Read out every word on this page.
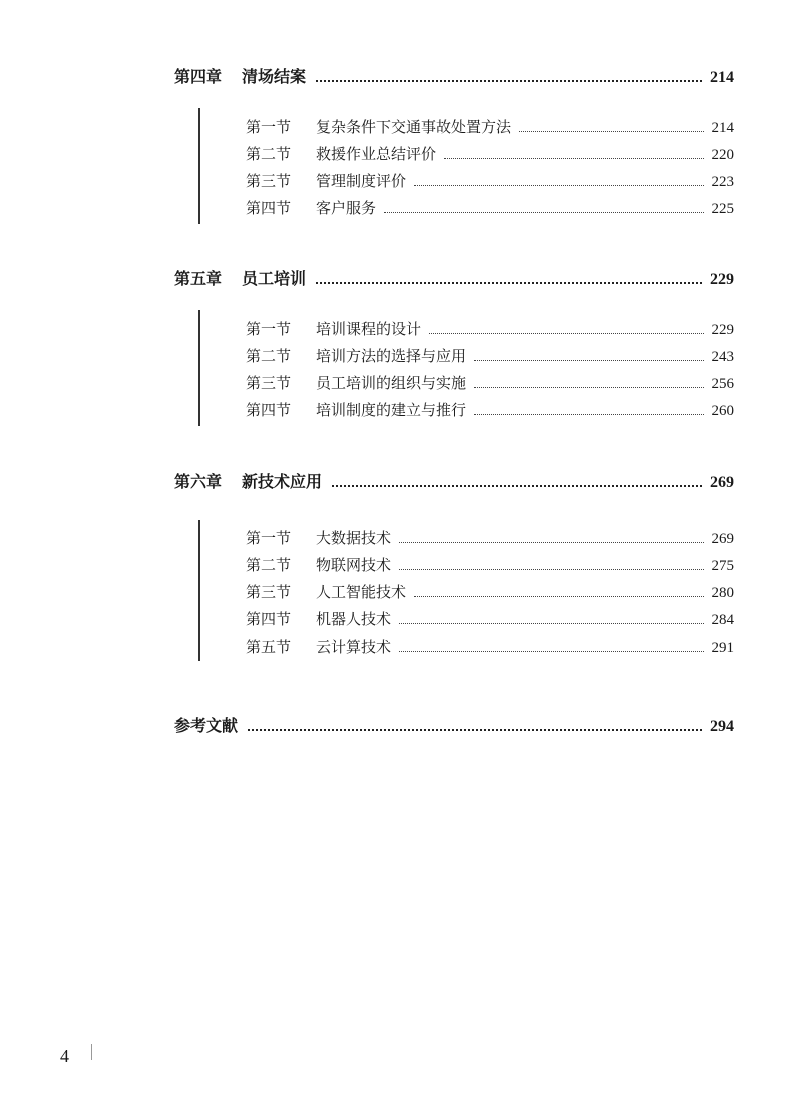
第四章	清场结案	214
第一节	复杂条件下交通事故处置方法	214
第二节	救援作业总结评价	220
第三节	管理制度评价	223
第四节	客户服务	225
第五章	员工培训	229
第一节	培训课程的设计	229
第二节	培训方法的选择与应用	243
第三节	员工培训的组织与实施	256
第四节	培训制度的建立与推行	260
第六章	新技术应用	269
第一节	大数据技术	269
第二节	物联网技术	275
第三节	人工智能技术	280
第四节	机器人技术	284
第五节	云计算技术	291
参考文献	294
4
